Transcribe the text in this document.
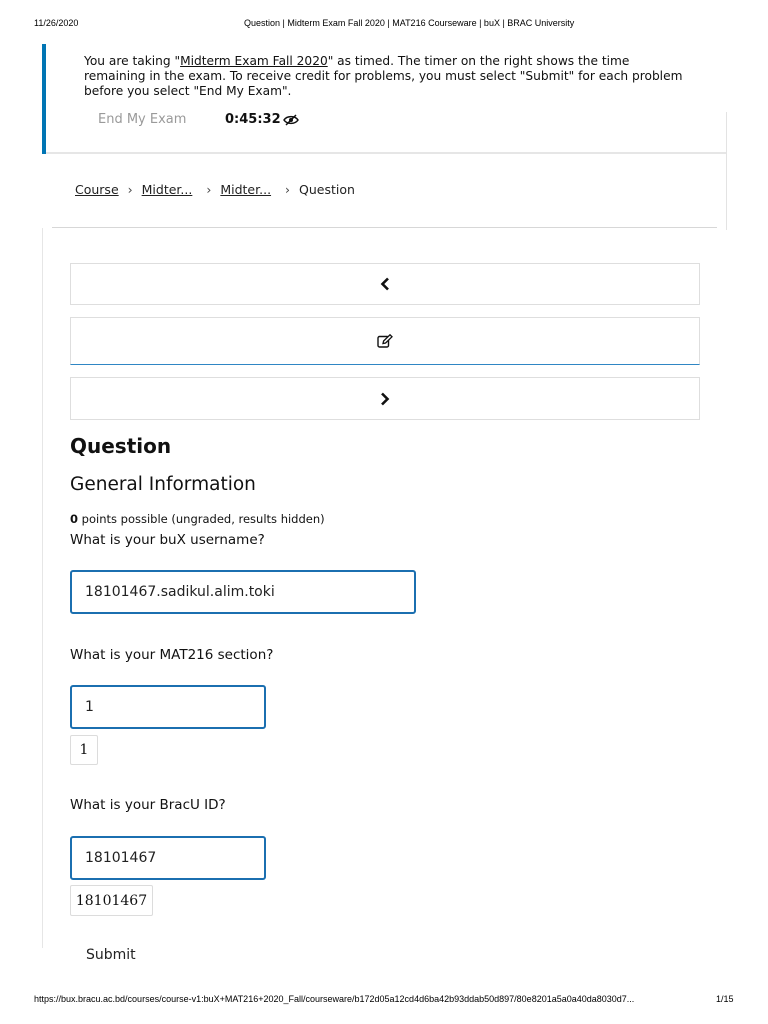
11/26/2020	Question | Midterm Exam Fall 2020 | MAT216 Courseware | buX | BRAC University
You are taking "Midterm Exam Fall 2020" as timed. The timer on the right shows the time remaining in the exam. To receive credit for problems, you must select "Submit" for each problem before you select "End My Exam".
End My Exam	0:45:32
Course › Midter... › Midter... › Question
Question
General Information
0 points possible (ungraded, results hidden)
What is your buX username?
18101467.sadikul.alim.toki
What is your MAT216 section?
1
1
What is your BracU ID?
18101467
18101467
Submit
https://bux.bracu.ac.bd/courses/course-v1:buX+MAT216+2020_Fall/courseware/b172d05a12cd4d6ba42b93ddab50d897/80e8201a5a0a40da8030d7...	1/15
